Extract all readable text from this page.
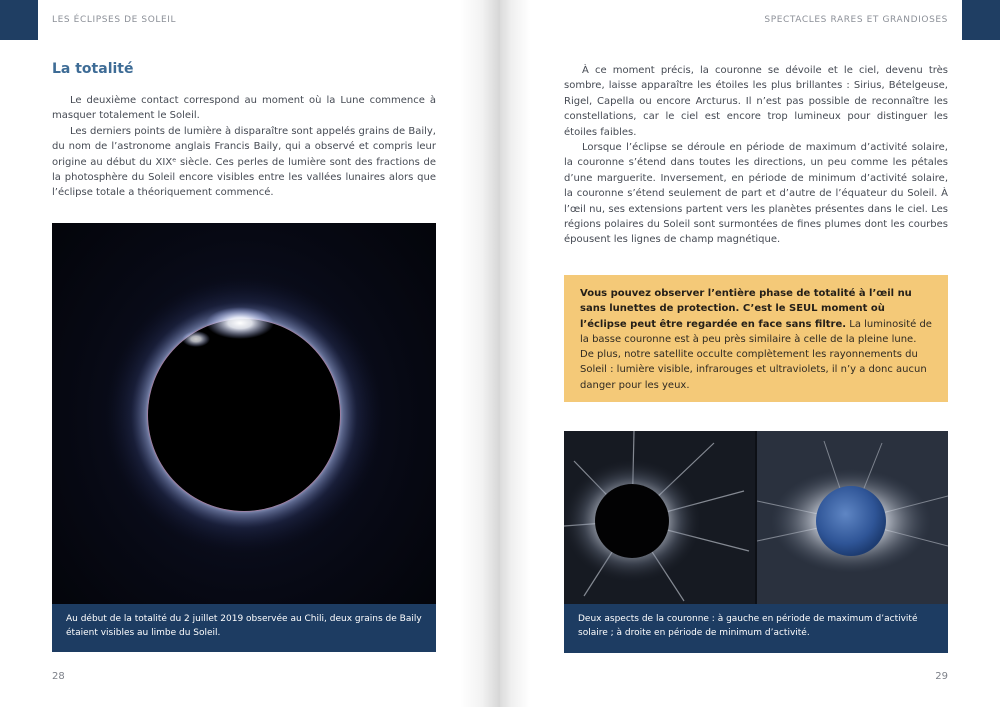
LES ÉCLIPSES DE SOLEIL
La totalité

Le deuxième contact correspond au moment où la Lune commence à masquer totalement le Soleil.

Les derniers points de lumière à disparaître sont appelés grains de Baily, du nom de l’astronome anglais Francis Baily, qui a observé et compris leur origine au début du XIXᵉ siècle. Ces perles de lumière sont des fractions de la photosphère du Soleil encore visibles entre les vallées lunaires alors que l’éclipse totale a théoriquement commencé.

Au début de la totalité du 2 juillet 2019 observée au Chili, deux grains de Baily étaient visibles au limbe du Soleil.
28
SPECTACLES RARES ET GRANDIOSES

À ce moment précis, la couronne se dévoile et le ciel, devenu très sombre, laisse apparaître les étoiles les plus brillantes : Sirius, Bételgeuse, Rigel, Capella ou encore Arcturus. Il n’est pas possible de reconnaître les constellations, car le ciel est encore trop lumineux pour distinguer les étoiles faibles.

Lorsque l’éclipse se déroule en période de maximum d’activité solaire, la couronne s’étend dans toutes les directions, un peu comme les pétales d’une marguerite. Inversement, en période de minimum d’activité solaire, la couronne s’étend seulement de part et d’autre de l’équateur du Soleil. À l’œil nu, ses extensions partent vers les planètes présentes dans le ciel. Les régions polaires du Soleil sont surmontées de fines plumes dont les courbes épousent les lignes de champ magnétique.

Vous pouvez observer l’entière phase de totalité à l’œil nu sans lunettes de protection. C’est le SEUL moment où l’éclipse peut être regardée en face sans filtre. La luminosité de la basse couronne est à peu près similaire à celle de la pleine lune. De plus, notre satellite occulte complètement les rayonnements du Soleil : lumière visible, infrarouges et ultraviolets, il n’y a donc aucun danger pour les yeux.
Deux aspects de la couronne : à gauche en période de maximum d’activité solaire ; à droite en période de minimum d’activité.
29
